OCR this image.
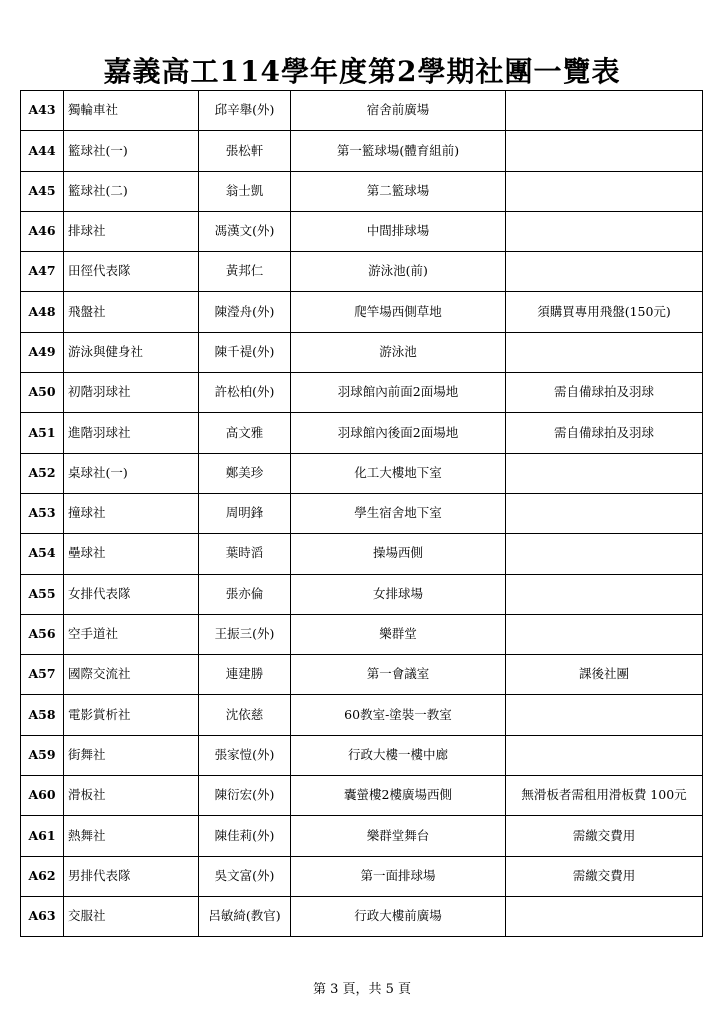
嘉義高工114學年度第2學期社團一覽表
A43	獨輪車社	邱辛舉(外)	宿舍前廣場	
A44	籃球社(一)	張松軒	第一籃球場(體育組前)	
A45	籃球社(二)	翁士凱	第二籃球場	
A46	排球社	馮漢文(外)	中間排球場	
A47	田徑代表隊	黃邦仁	游泳池(前)	
A48	飛盤社	陳瀅舟(外)	爬竿場西側草地	須購買專用飛盤(150元)
A49	游泳與健身社	陳千禔(外)	游泳池	
A50	初階羽球社	許松柏(外)	羽球館內前面2面場地	需自備球拍及羽球
A51	進階羽球社	高文雅	羽球館內後面2面場地	需自備球拍及羽球
A52	桌球社(一)	鄭美珍	化工大樓地下室	
A53	撞球社	周明鋒	學生宿舍地下室	
A54	壘球社	葉時滔	操場西側	
A55	女排代表隊	張亦倫	女排球場	
A56	空手道社	王振三(外)	樂群堂	
A57	國際交流社	連建勝	第一會議室	課後社團
A58	電影賞析社	沈依慈	60教室-塗裝一教室	
A59	街舞社	張家愷(外)	行政大樓一樓中廊	
A60	滑板社	陳衍宏(外)	囊螢樓2樓廣場西側	無滑板者需租用滑板費 100元
A61	熱舞社	陳佳莉(外)	樂群堂舞台	需繳交費用
A62	男排代表隊	吳文富(外)	第一面排球場	需繳交費用
A63	交服社	呂敏綺(教官)	行政大樓前廣場	
第 3 頁，共 5 頁
